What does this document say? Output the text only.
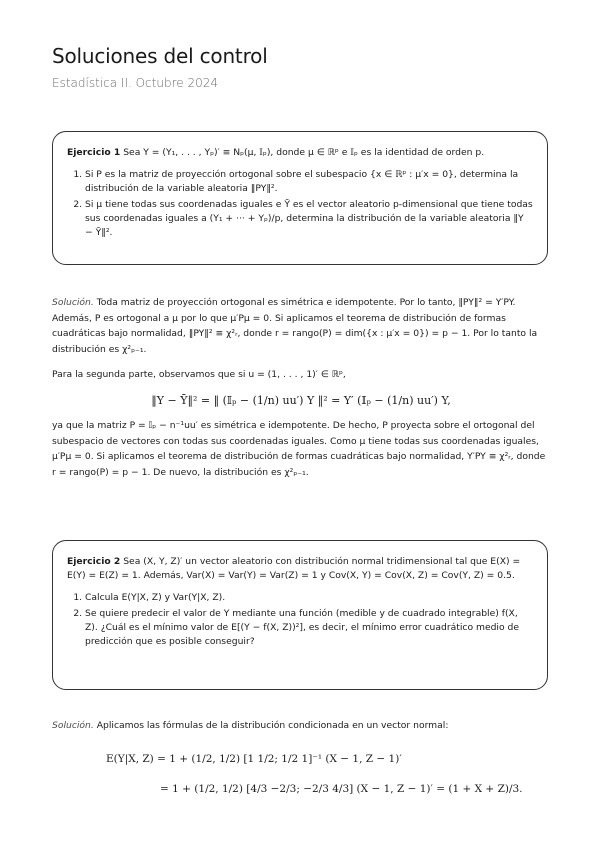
Soluciones del control
Estadística II. Octubre 2024
Ejercicio 1 Sea Y = (Y₁, . . . , Yₚ)′ ≡ Nₚ(μ, 𝕀ₚ), donde μ ∈ ℝᵖ e 𝕀ₚ es la identidad de orden p.
1. Si P es la matriz de proyección ortogonal sobre el subespacio {x ∈ ℝᵖ : μ′x = 0}, determina la distribución de la variable aleatoria ‖PY‖².
2. Si μ tiene todas sus coordenadas iguales e Ȳ es el vector aleatorio p-dimensional que tiene todas sus coordenadas iguales a (Y₁ + ··· + Yₚ)/p, determina la distribución de la variable aleatoria ‖Y − Ȳ‖².
Solución. Toda matriz de proyección ortogonal es simétrica e idempotente. Por lo tanto, ‖PY‖² = Y′PY. Además, P es ortogonal a μ por lo que μ′Pμ = 0. Si aplicamos el teorema de distribución de formas cuadráticas bajo normalidad, ‖PY‖² ≡ χ²ᵣ, donde r = rango(P) = dim({x : μ′x = 0}) = p − 1. Por lo tanto la distribución es χ²ₚ₋₁.
Para la segunda parte, observamos que si u = (1, . . . , 1)′ ∈ ℝᵖ,
‖Y − Ȳ‖² = ‖ (𝕀ₚ − (1/n) uu′) Y ‖² = Y′ (𝕀ₚ − (1/n) uu′) Y,
ya que la matriz P = 𝕀ₚ − n⁻¹uu′ es simétrica e idempotente. De hecho, P proyecta sobre el ortogonal del subespacio de vectores con todas sus coordenadas iguales. Como μ tiene todas sus coordenadas iguales, μ′Pμ = 0. Si aplicamos el teorema de distribución de formas cuadráticas bajo normalidad, Y′PY ≡ χ²ᵣ, donde r = rango(P) = p − 1. De nuevo, la distribución es χ²ₚ₋₁.
Ejercicio 2 Sea (X, Y, Z)′ un vector aleatorio con distribución normal tridimensional tal que E(X) = E(Y) = E(Z) = 1. Además, Var(X) = Var(Y) = Var(Z) = 1 y Cov(X, Y) = Cov(X, Z) = Cov(Y, Z) = 0.5.
1. Calcula E(Y|X, Z) y Var(Y|X, Z).
2. Se quiere predecir el valor de Y mediante una función (medible y de cuadrado integrable) f(X, Z). ¿Cuál es el mínimo valor de E[(Y − f(X, Z))²], es decir, el mínimo error cuadrático medio de predicción que es posible conseguir?
Solución. Aplicamos las fórmulas de la distribución condicionada en un vector normal:
E(Y|X, Z) = 1 + (1/2, 1/2) [1 1/2; 1/2 1]⁻¹ (X − 1, Z − 1)′
= 1 + (1/2, 1/2) [4/3 −2/3; −2/3 4/3] (X − 1, Z − 1)′ = (1 + X + Z)/3.
